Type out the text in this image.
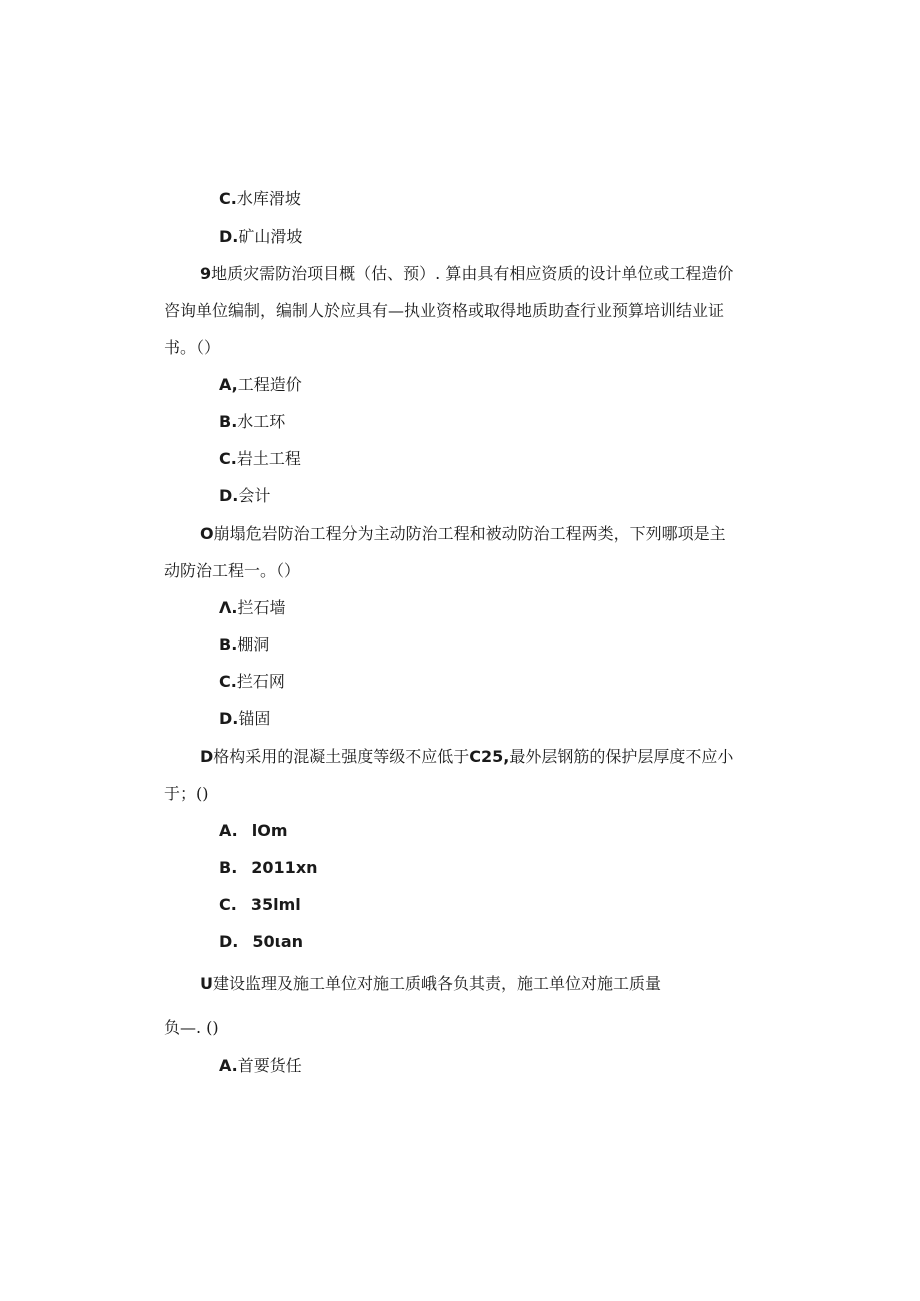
C.水库滑坡
D.矿山滑坡
9地质灾需防治项目概（估、预）. 算由具有相应资质的设计单位或工程造价
咨询单位编制，编制人於应具有—执业资格或取得地质助查行业预算培训结业证
书。（）
A,工程造价
B.水工环
C.岩土工程
D.会计
O崩塌危岩防治工程分为主动防治工程和被动防治工程两类，下列哪项是主
动防治工程一。（）
Λ.拦石墙
B.棚洞
C.拦石网
D.锚固
D格构采用的混凝土强度等级不应低于C25,最外层钢筋的保护层厚度不应小
于；()
A. lOm
B. 2011xn
C. 35lml
D. 50ιan
U建设监理及施工单位对施工质峨各负其责，施工单位对施工质量
负—. ()
A.首要货任
